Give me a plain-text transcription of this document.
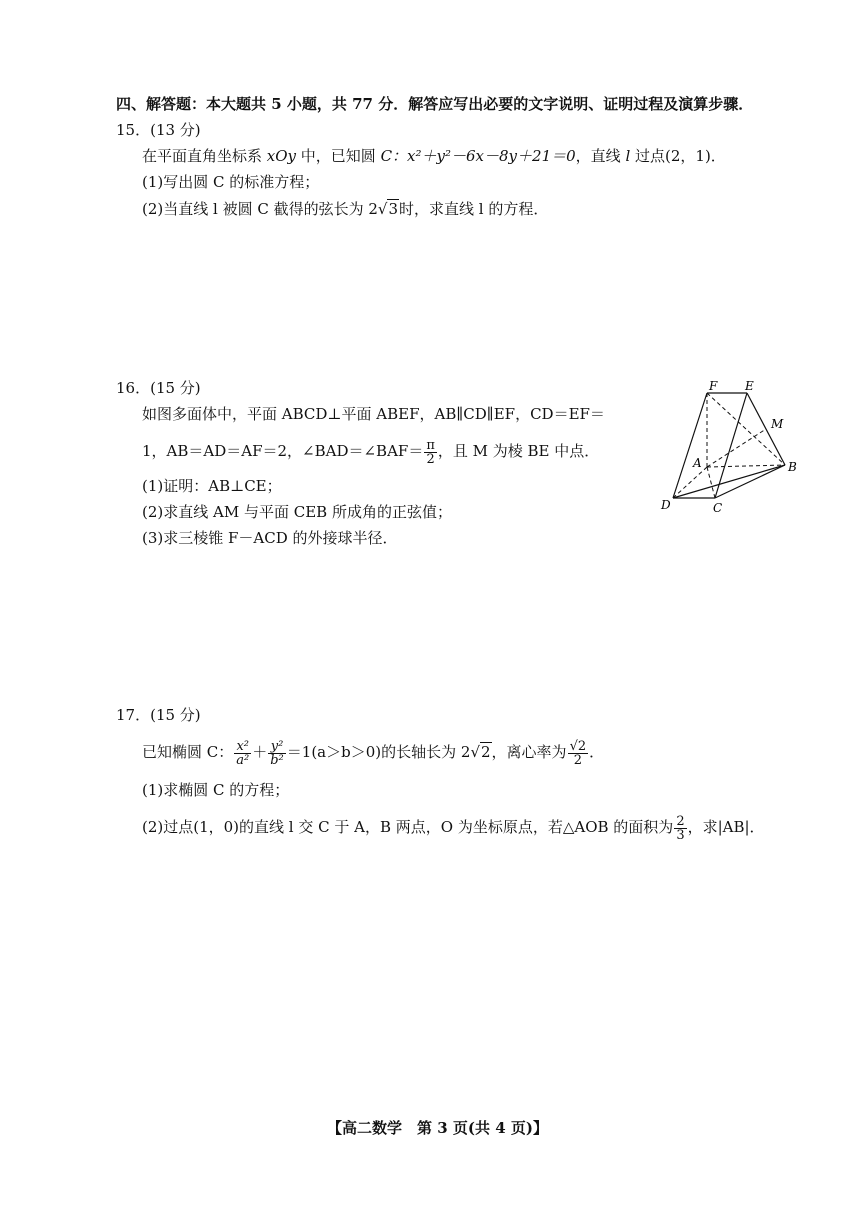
四、解答题：本大题共 5 小题，共 77 分．解答应写出必要的文字说明、证明过程及演算步骤．
15．(13 分)
在平面直角坐标系 xOy 中，已知圆 C：x²＋y²－6x－8y＋21＝0，直线 l 过点(2，1)．
(1)写出圆 C 的标准方程；
(2)当直线 l 被圆 C 截得的弦长为 2√3时，求直线 l 的方程．
16．(15 分)
如图多面体中，平面 ABCD⊥平面 ABEF，AB∥CD∥EF，CD＝EF＝
1，AB＝AD＝AF＝2，∠BAD＝∠BAF＝ $\frac{\pi}{2}$ ，且 M 为棱 BE 中点．
(1)证明：AB⊥CE；
(2)求直线 AM 与平面 CEB 所成角的正弦值；
(3)求三棱锥 F－ACD 的外接球半径．
F E
M
A	B
D	C
17．(15 分)
已知椭圆 C： $\frac{\text{x²}}{\text{a²}} + \frac{\text{y²}}{\text{b²}} =1(a>b>0)$的长轴长为 2√2，离心率为 $\frac{√2}{2}$ ．
(1)求椭圆 C 的方程；
(2)过点(1，0)的直线 l 交 C 于 A，B 两点，O 为坐标原点，若△AOB 的面积为 $\frac{2}{3}$ ，求|AB|．
【高二数学　第 3 页(共 4 页)】
